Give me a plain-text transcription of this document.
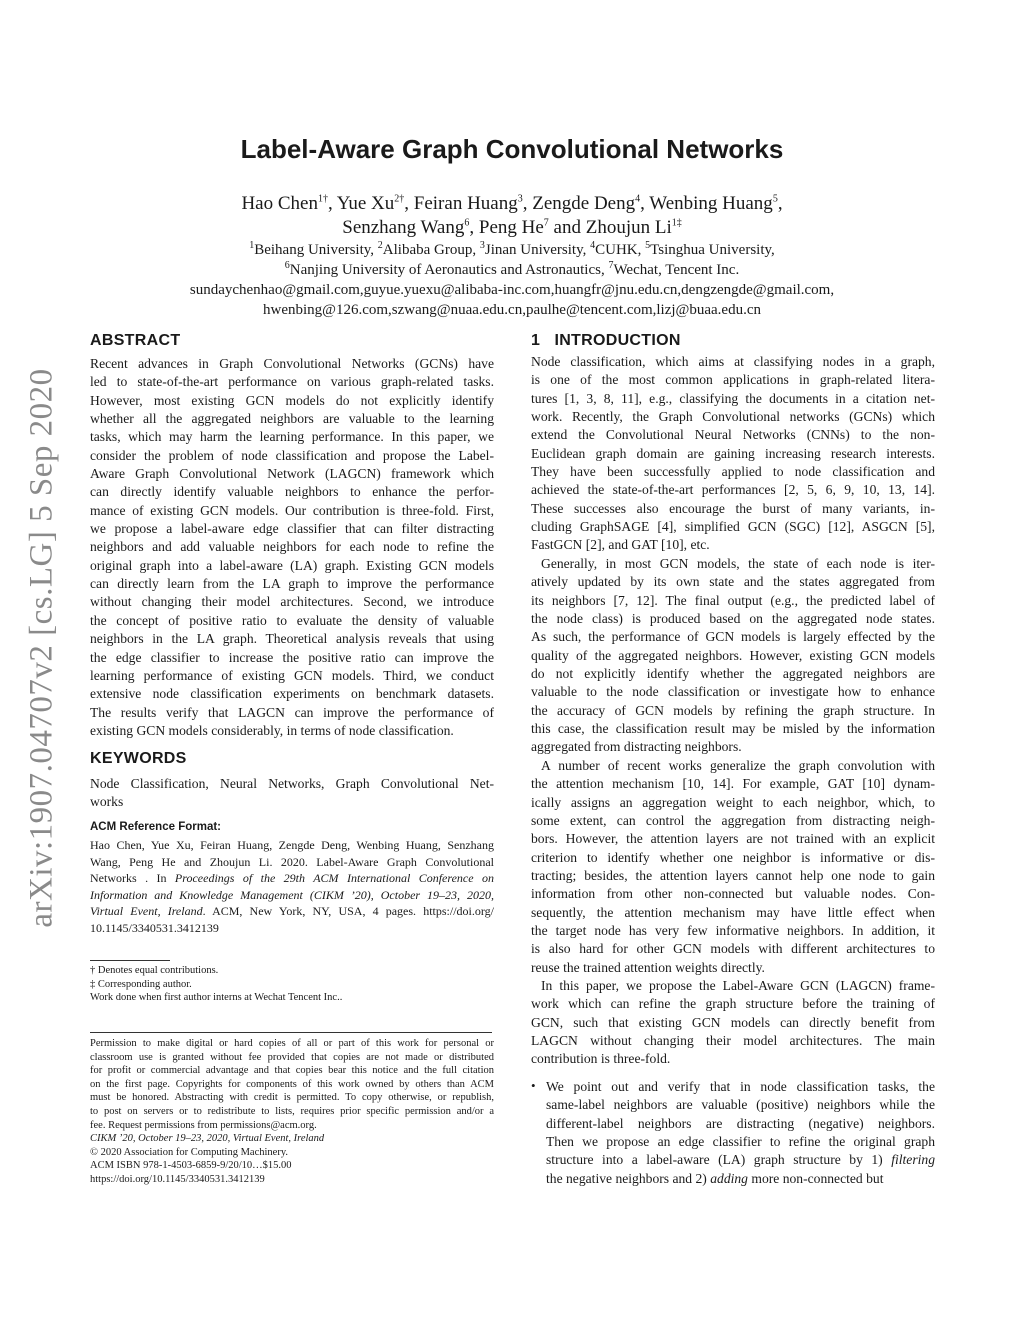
arXiv:1907.04707v2 [cs.LG] 5 Sep 2020
Label-Aware Graph Convolutional Networks
Hao Chen$^{1\dagger}$, Yue $Xu^{2\dagger}$, Feiran Huang$^3$, Zengde Deng$^4$, Wenbing Huang$^5$,
Senzhang Wang$^6$, Peng He$^7$ and Zhoujun $Li^{1\ddagger}$
$^1$Beihang University, $^2$Alibaba Group, $^3$Jinan University, $^4$CUHK, $^5$Tsinghua University,
$^6$Nanjing University of Aeronautics and Astronautics, $^7$Wechat, Tencent Inc.
sundaychenhao@gmail.com,guyue.yuexu@alibaba-inc.com,huangfr@jnu.edu.cn,dengzengde@gmail.com,
hwenbing@126.com,szwang@nuaa.edu.cn,paulhe@tencent.com,lizj@buaa.edu.cn
ABSTRACT
Recent advances in Graph Convolutional Networks (GCNs) have
led to state-of-the-art performance on various graph-related tasks.
However, most existing GCN models do not explicitly identify
whether all the aggregated neighbors are valuable to the learning
tasks, which may harm the learning performance. In this paper, we
consider the problem of node classification and propose the Label-
Aware Graph Convolutional Network (LAGCN) framework which
can directly identify valuable neighbors to enhance the perfor-
mance of existing GCN models. Our contribution is three-fold. First,
we propose a label-aware edge classifier that can filter distracting
neighbors and add valuable neighbors for each node to refine the
original graph into a label-aware (LA) graph. Existing GCN models
can directly learn from the LA graph to improve the performance
without changing their model architectures. Second, we introduce
the concept of positive ratio to evaluate the density of valuable
neighbors in the LA graph. Theoretical analysis reveals that using
the edge classifier to increase the positive ratio can improve the
learning performance of existing GCN models. Third, we conduct
extensive node classification experiments on benchmark datasets.
The results verify that LAGCN can improve the performance of
existing GCN models considerably, in terms of node classification.
KEYWORDS
Node Classification, Neural Networks, Graph Convolutional Net-
works
ACM Reference Format:
Hao Chen, Yue Xu, Feiran Huang, Zengde Deng, Wenbing Huang, Senzhang
Wang, Peng He and Zhoujun Li. 2020. Label-Aware Graph Convolutional
Networks . In Proceedings of the 29th ACM International Conference on
Information and Knowledge Management (CIKM ’20), October 19–23, 2020,
Virtual Event, Ireland. ACM, New York, NY, USA, 4 pages. https://doi.org/
10.1145/3340531.3412139
† Denotes equal contributions.
‡ Corresponding author.
Work done when first author interns at Wechat Tencent Inc..
Permission to make digital or hard copies of all or part of this work for personal or
classroom use is granted without fee provided that copies are not made or distributed
for profit or commercial advantage and that copies bear this notice and the full citation
on the first page. Copyrights for components of this work owned by others than ACM
must be honored. Abstracting with credit is permitted. To copy otherwise, or republish,
to post on servers or to redistribute to lists, requires prior specific permission and/or a
fee. Request permissions from permissions@acm.org.
CIKM ’20, October 19–23, 2020, Virtual Event, Ireland
© 2020 Association for Computing Machinery.
ACM ISBN 978-1-4503-6859-9/20/10…$15.00
https://doi.org/10.1145/3340531.3412139
1 INTRODUCTION
Node classification, which aims at classifying nodes in a graph,
is one of the most common applications in graph-related litera-
tures [1, 3, 8, 11], e.g., classifying the documents in a citation net-
work. Recently, the Graph Convolutional networks (GCNs) which
extend the Convolutional Neural Networks (CNNs) to the non-
Euclidean graph domain are gaining increasing research interests.
They have been successfully applied to node classification and
achieved the state-of-the-art performances [2, 5, 6, 9, 10, 13, 14].
These successes also encourage the burst of many variants, in-
cluding GraphSAGE [4], simplified GCN (SGC) [12], ASGCN [5],
FastGCN [2], and GAT [10], etc.
Generally, in most GCN models, the state of each node is iter-
atively updated by its own state and the states aggregated from
its neighbors [7, 12]. The final output (e.g., the predicted label of
the node class) is produced based on the aggregated node states.
As such, the performance of GCN models is largely effected by the
quality of the aggregated neighbors. However, existing GCN models
do not explicitly identify whether the aggregated neighbors are
valuable to the node classification or investigate how to enhance
the accuracy of GCN models by refining the graph structure. In
this case, the classification result may be misled by the information
aggregated from distracting neighbors.
A number of recent works generalize the graph convolution with
the attention mechanism [10, 14]. For example, GAT [10] dynam-
ically assigns an aggregation weight to each neighbor, which, to
some extent, can control the aggregation from distracting neigh-
bors. However, the attention layers are not trained with an explicit
criterion to identify whether one neighbor is informative or dis-
tracting; besides, the attention layers cannot help one node to gain
information from other non-connected but valuable nodes. Con-
sequently, the attention mechanism may have little effect when
the target node has very few informative neighbors. In addition, it
is also hard for other GCN models with different architectures to
reuse the trained attention weights directly.
In this paper, we propose the Label-Aware GCN (LAGCN) frame-
work which can refine the graph structure before the training of
GCN, such that existing GCN models can directly benefit from
LAGCN without changing their model architectures. The main
contribution is three-fold.
• We point out and verify that in node classification tasks, the
same-label neighbors are valuable (positive) neighbors while the
different-label neighbors are distracting (negative) neighbors.
Then we propose an edge classifier to refine the original graph
structure into a label-aware (LA) graph structure by 1) filtering
the negative neighbors and 2) adding more non-connected but
